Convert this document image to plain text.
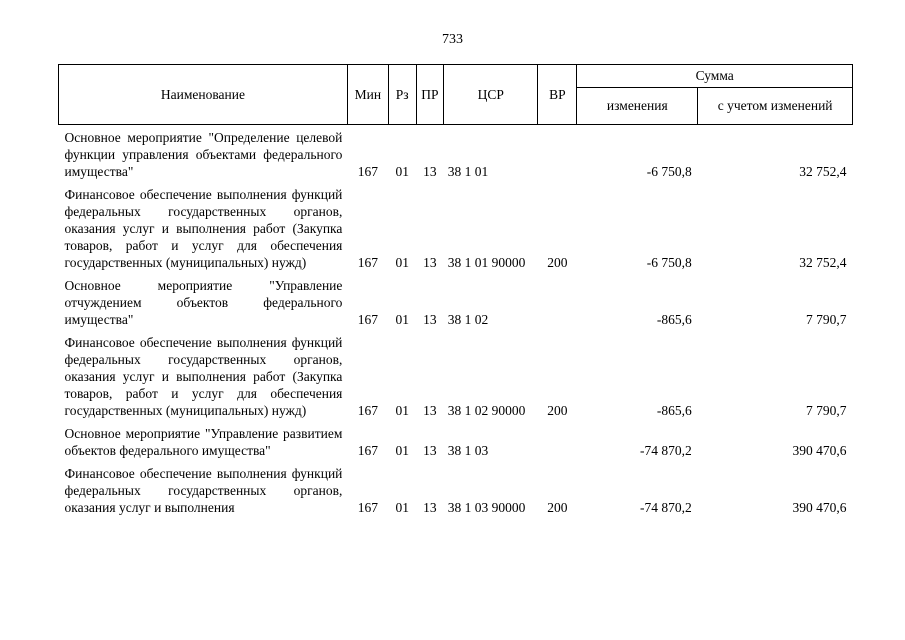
733
Наименование	Мин	Рз	ПР	ЦСР	ВР	Сумма	
						изменения	с учетом изменений
Основное мероприятие "Определение целевой функции управления объектами федерального имущества"	167	01	13	38 1 01		-6 750,8	32 752,4
Финансовое обеспечение выполнения функций федеральных государственных органов, оказания услуг и выполнения работ (Закупка товаров, работ и услуг для обеспечения государственных (муниципальных) нужд)	167	01	13	38 1 01 90000	200	-6 750,8	32 752,4
Основное мероприятие "Управление отчуждением объектов федерального имущества"	167	01	13	38 1 02		-865,6	7 790,7
Финансовое обеспечение выполнения функций федеральных государственных органов, оказания услуг и выполнения работ (Закупка товаров, работ и услуг для обеспечения государственных (муниципальных) нужд)	167	01	13	38 1 02 90000	200	-865,6	7 790,7
Основное мероприятие "Управление развитием объектов федерального имущества"	167	01	13	38 1 03		-74 870,2	390 470,6
Финансовое обеспечение выполнения функций федеральных государственных органов, оказания услуг и выполнения	167	01	13	38 1 03 90000	200	-74 870,2	390 470,6
